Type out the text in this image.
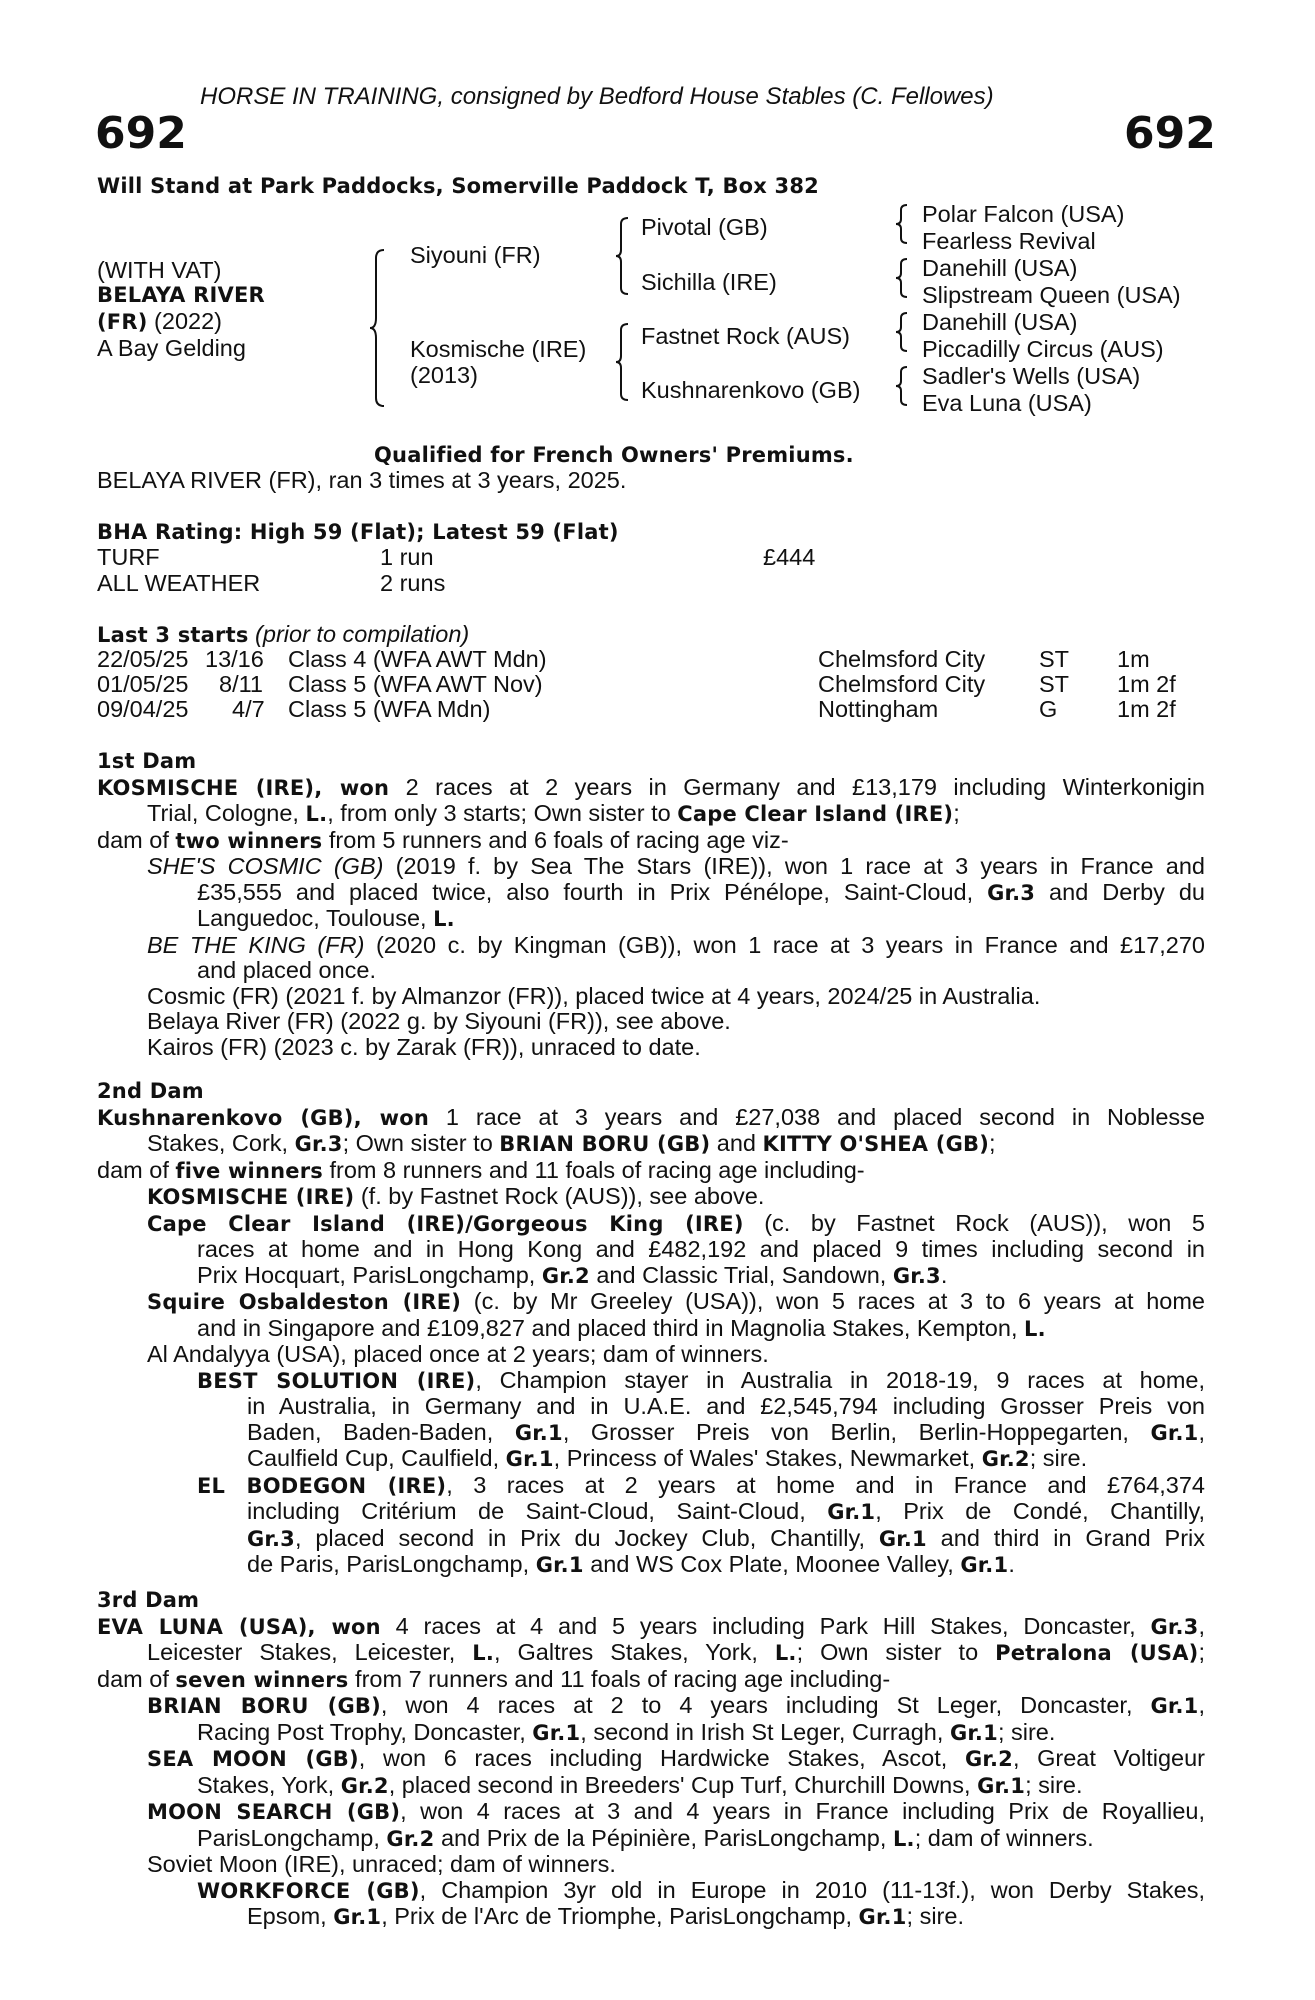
HORSE IN TRAINING, consigned by Bedford House Stables (C. Fellowes)
692	692
Will Stand at Park Paddocks, Somerville Paddock T, Box 382
(WITH VAT)
BELAYA RIVER
(FR) (2022)
A Bay Gelding
Siyouni (FR)
Kosmische (IRE)
(2013)
Pivotal (GB)
Sichilla (IRE)
Fastnet Rock (AUS)
Kushnarenkovo (GB)
Polar Falcon (USA)
Fearless Revival
Danehill (USA)
Slipstream Queen (USA)
Danehill (USA)
Piccadilly Circus (AUS)
Sadler's Wells (USA)
Eva Luna (USA)
Qualified for French Owners' Premiums.
BELAYA RIVER (FR), ran 3 times at 3 years, 2025.
BHA Rating: High 59 (Flat); Latest 59 (Flat)
TURF	1 run	£444
ALL WEATHER	2 runs
Last 3 starts (prior to compilation)
22/05/25 13/16 Class 4 (WFA AWT Mdn)	Chelmsford City ST 1m
01/05/25 8/11 Class 5 (WFA AWT Nov)	Chelmsford City ST 1m 2f
09/04/25 4/7 Class 5 (WFA Mdn)	Nottingham	G	1m 2f
1st Dam
KOSMISCHE (IRE), won 2 races at 2 years in Germany and £13,179 including Winterkonigin
Trial, Cologne, L., from only 3 starts; Own sister to Cape Clear Island (IRE);
dam of two winners from 5 runners and 6 foals of racing age viz-
SHE'S COSMIC (GB) (2019 f. by Sea The Stars (IRE)), won 1 race at 3 years in France and
£35,555 and placed twice, also fourth in Prix Pénélope, Saint-Cloud, Gr.3 and Derby du
Languedoc, Toulouse, L.
BE THE KING (FR) (2020 c. by Kingman (GB)), won 1 race at 3 years in France and £17,270
and placed once.
Cosmic (FR) (2021 f. by Almanzor (FR)), placed twice at 4 years, 2024/25 in Australia.
Belaya River (FR) (2022 g. by Siyouni (FR)), see above.
Kairos (FR) (2023 c. by Zarak (FR)), unraced to date.
2nd Dam
Kushnarenkovo (GB), won 1 race at 3 years and £27,038 and placed second in Noblesse
Stakes, Cork, Gr.3; Own sister to BRIAN BORU (GB) and KITTY O'SHEA (GB);
dam of five winners from 8 runners and 11 foals of racing age including-
KOSMISCHE (IRE) (f. by Fastnet Rock (AUS)), see above.
Cape Clear Island (IRE)/Gorgeous King (IRE) (c. by Fastnet Rock (AUS)), won 5
races at home and in Hong Kong and £482,192 and placed 9 times including second in
Prix Hocquart, ParisLongchamp, Gr.2 and Classic Trial, Sandown, Gr.3.
Squire Osbaldeston (IRE) (c. by Mr Greeley (USA)), won 5 races at 3 to 6 years at home
and in Singapore and £109,827 and placed third in Magnolia Stakes, Kempton, L.
Al Andalyya (USA), placed once at 2 years; dam of winners.
BEST SOLUTION (IRE), Champion stayer in Australia in 2018-19, 9 races at home,
in Australia, in Germany and in U.A.E. and £2,545,794 including Grosser Preis von
Baden, Baden-Baden, Gr.1, Grosser Preis von Berlin, Berlin-Hoppegarten, Gr.1,
Caulfield Cup, Caulfield, Gr.1, Princess of Wales' Stakes, Newmarket, Gr.2; sire.
EL BODEGON (IRE), 3 races at 2 years at home and in France and £764,374
including Critérium de Saint-Cloud, Saint-Cloud, Gr.1, Prix de Condé, Chantilly,
Gr.3, placed second in Prix du Jockey Club, Chantilly, Gr.1 and third in Grand Prix
de Paris, ParisLongchamp, Gr.1 and WS Cox Plate, Moonee Valley, Gr.1.
3rd Dam
EVA LUNA (USA), won 4 races at 4 and 5 years including Park Hill Stakes, Doncaster, Gr.3,
Leicester Stakes, Leicester, L., Galtres Stakes, York, L.; Own sister to Petralona (USA);
dam of seven winners from 7 runners and 11 foals of racing age including-
BRIAN BORU (GB), won 4 races at 2 to 4 years including St Leger, Doncaster, Gr.1,
Racing Post Trophy, Doncaster, Gr.1, second in Irish St Leger, Curragh, Gr.1; sire.
SEA MOON (GB), won 6 races including Hardwicke Stakes, Ascot, Gr.2, Great Voltigeur
Stakes, York, Gr.2, placed second in Breeders' Cup Turf, Churchill Downs, Gr.1; sire.
MOON SEARCH (GB), won 4 races at 3 and 4 years in France including Prix de Royallieu,
ParisLongchamp, Gr.2 and Prix de la Pépinière, ParisLongchamp, L.; dam of winners.
Soviet Moon (IRE), unraced; dam of winners.
WORKFORCE (GB), Champion 3yr old in Europe in 2010 (11-13f.), won Derby Stakes,
Epsom, Gr.1, Prix de l'Arc de Triomphe, ParisLongchamp, Gr.1; sire.
